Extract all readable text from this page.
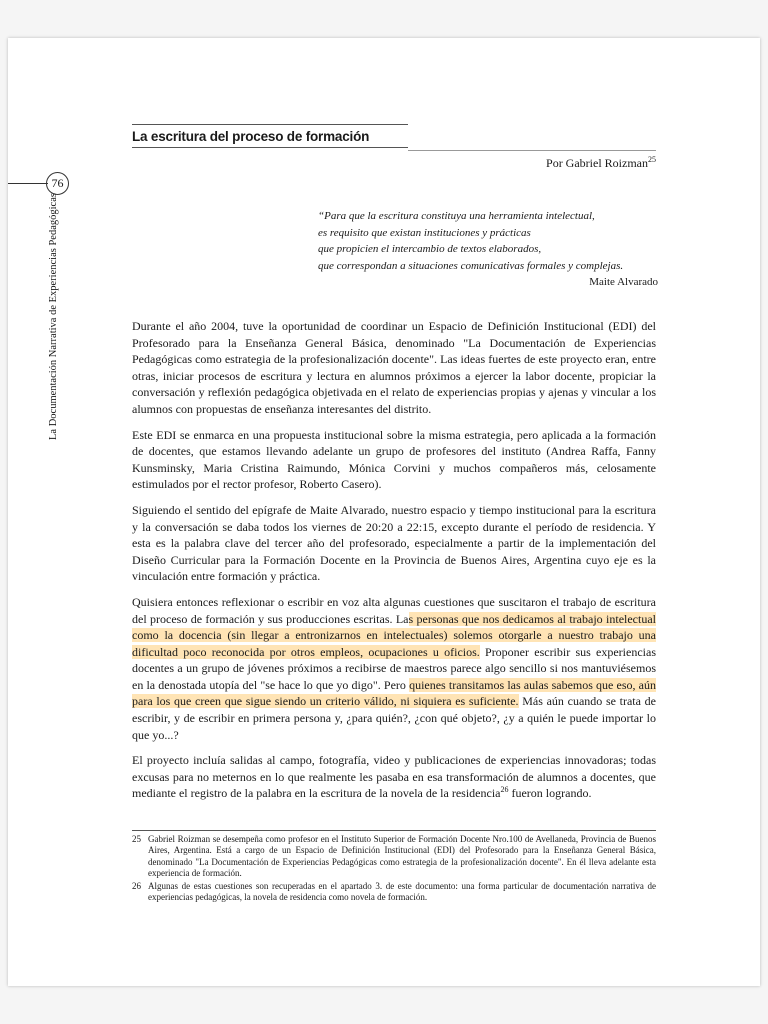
76
La Documentación Narrativa de Experiencias Pedagógicas
La escritura del proceso de formación
Por Gabriel Roizman$^{25}$
“Para que la escritura constituya una herramienta intelectual,
es requisito que existan instituciones y prácticas
que propicien el intercambio de textos elaborados,
que correspondan a situaciones comunicativas formales y complejas.
Maite Alvarado

Durante el año 2004, tuve la oportunidad de coordinar un Espacio de Definición Institucional (EDI) del Profesorado para la Enseñanza General Básica, denominado "La Documentación de Experiencias Pedagógicas como estrategia de la profesionalización docente". Las ideas fuertes de este proyecto eran, entre otras, iniciar procesos de escritura y lectura en alumnos próximos a ejercer la labor docente, propiciar la conversación y reflexión pedagógica objetivada en el relato de experiencias propias y ajenas y vincular a los alumnos con propuestas de enseñanza interesantes del distrito.

Este EDI se enmarca en una propuesta institucional sobre la misma estrategia, pero aplicada a la formación de docentes, que estamos llevando adelante un grupo de profesores del instituto (Andrea Raffa, Fanny Kunsminsky, Maria Cristina Raimundo, Mónica Corvini y muchos compañeros más, celosamente estimulados por el rector profesor, Roberto Casero).

Siguiendo el sentido del epígrafe de Maite Alvarado, nuestro espacio y tiempo institucional para la escritura y la conversación se daba todos los viernes de 20:20 a 22:15, excepto durante el período de residencia. Y esta es la palabra clave del tercer año del profesorado, especialmente a partir de la implementación del Diseño Curricular para la Formación Docente en la Provincia de Buenos Aires, Argentina cuyo eje es la vinculación entre formación y práctica.

Quisiera entonces reflexionar o escribir en voz alta algunas cuestiones que suscitaron el trabajo de escritura del proceso de formación y sus producciones escritas. Las personas que nos dedicamos al trabajo intelectual como la docencia (sin llegar a entronizarnos en intelectuales) solemos otorgarle a nuestro trabajo una dificultad poco reconocida por otros empleos, ocupaciones u oficios. Proponer escribir sus experiencias docentes a un grupo de jóvenes próximos a recibirse de maestros parece algo sencillo si nos mantuviésemos en la denostada utopía del "se hace lo que yo digo". Pero quienes transitamos las aulas sabemos que eso, aún para los que creen que sigue siendo un criterio válido, ni siquiera es suficiente. Más aún cuando se trata de escribir, y de escribir en primera persona y, ¿para quién?, ¿con qué objeto?, ¿y a quién le puede importar lo que yo...?

El proyecto incluía salidas al campo, fotografía, video y publicaciones de experiencias innovadoras; todas excusas para no meternos en lo que realmente les pasaba en esa transformación de alumnos a docentes, que mediante el registro de la palabra en la escritura de la novela de la residencia$^{26}$ fueron logrando.

25 Gabriel Roizman se desempeña como profesor en el Instituto Superior de Formación Docente Nro.100 de Avellaneda, Provincia de Buenos Aires, Argentina. Está a cargo de un Espacio de Definición Institucional (EDI) del Profesorado para la Enseñanza General Básica, denominado "La Documentación de Experiencias Pedagógicas como estrategia de la profesionalización docente". En él lleva adelante esta experiencia de formación.
26 Algunas de estas cuestiones son recuperadas en el apartado 3. de este documento: una forma particular de documentación narrativa de experiencias pedagógicas, la novela de residencia como novela de formación.
